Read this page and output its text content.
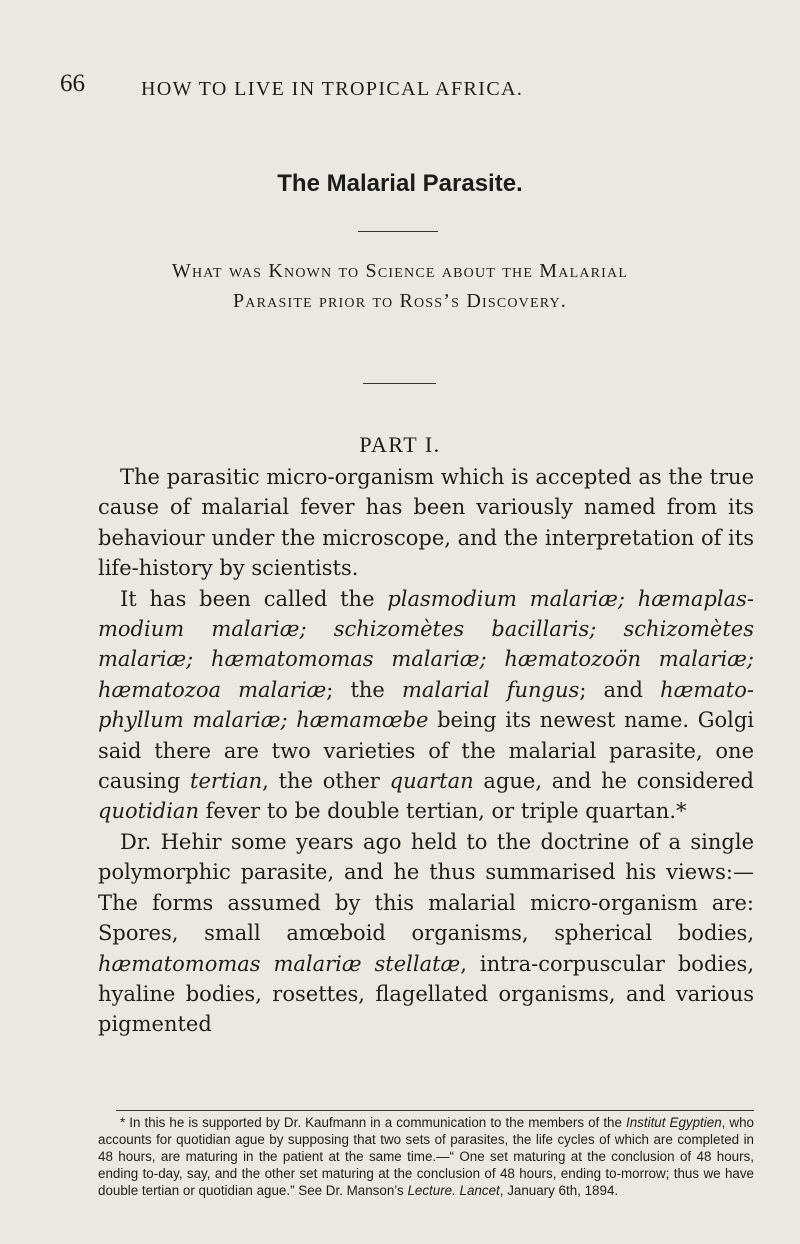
66	HOW TO LIVE IN TROPICAL AFRICA.
The Malarial Parasite.
What was Known to Science about the Malarial
Parasite prior to Ross’s Discovery.
PART I.

The parasitic micro-organism which is accepted as the true cause of malarial fever has been variously named from its behaviour under the microscope, and the interpretation of its life-history by scientists.

It has been called the plasmodium malariæ; hæmaplasmodium malariæ; schizomètes bacillaris; schizomètes malariæ; hæmatomomas malariæ; hæmatozoön malariæ; hæmatozoa malariæ; the malarial fungus; and hæmatophyllum malariæ; hæmamœbe being its newest name. Golgi said there are two varieties of the malarial parasite, one causing tertian, the other quartan ague, and he considered quotidian fever to be double tertian, or triple quartan.*

Dr. Hehir some years ago held to the doctrine of a single polymorphic parasite, and he thus summarised his views:— The forms assumed by this malarial micro-organism are: Spores, small amœboid organisms, spherical bodies, hæmatomomas malariæ stellatæ, intra-corpuscular bodies, hyaline bodies, rosettes, flagellated organisms, and various pigmented

* In this he is supported by Dr. Kaufmann in a communication to the members of the Institut Egyptien, who accounts for quotidian ague by supposing that two sets of parasites, the life cycles of which are completed in 48 hours, are maturing in the patient at the same time.—“ One set maturing at the conclusion of 48 hours, ending to-day, say, and the other set maturing at the conclusion of 48 hours, ending to-morrow; thus we have double tertian or quotidian ague.” See Dr. Manson’s Lecture. Lancet, January 6th, 1894.
